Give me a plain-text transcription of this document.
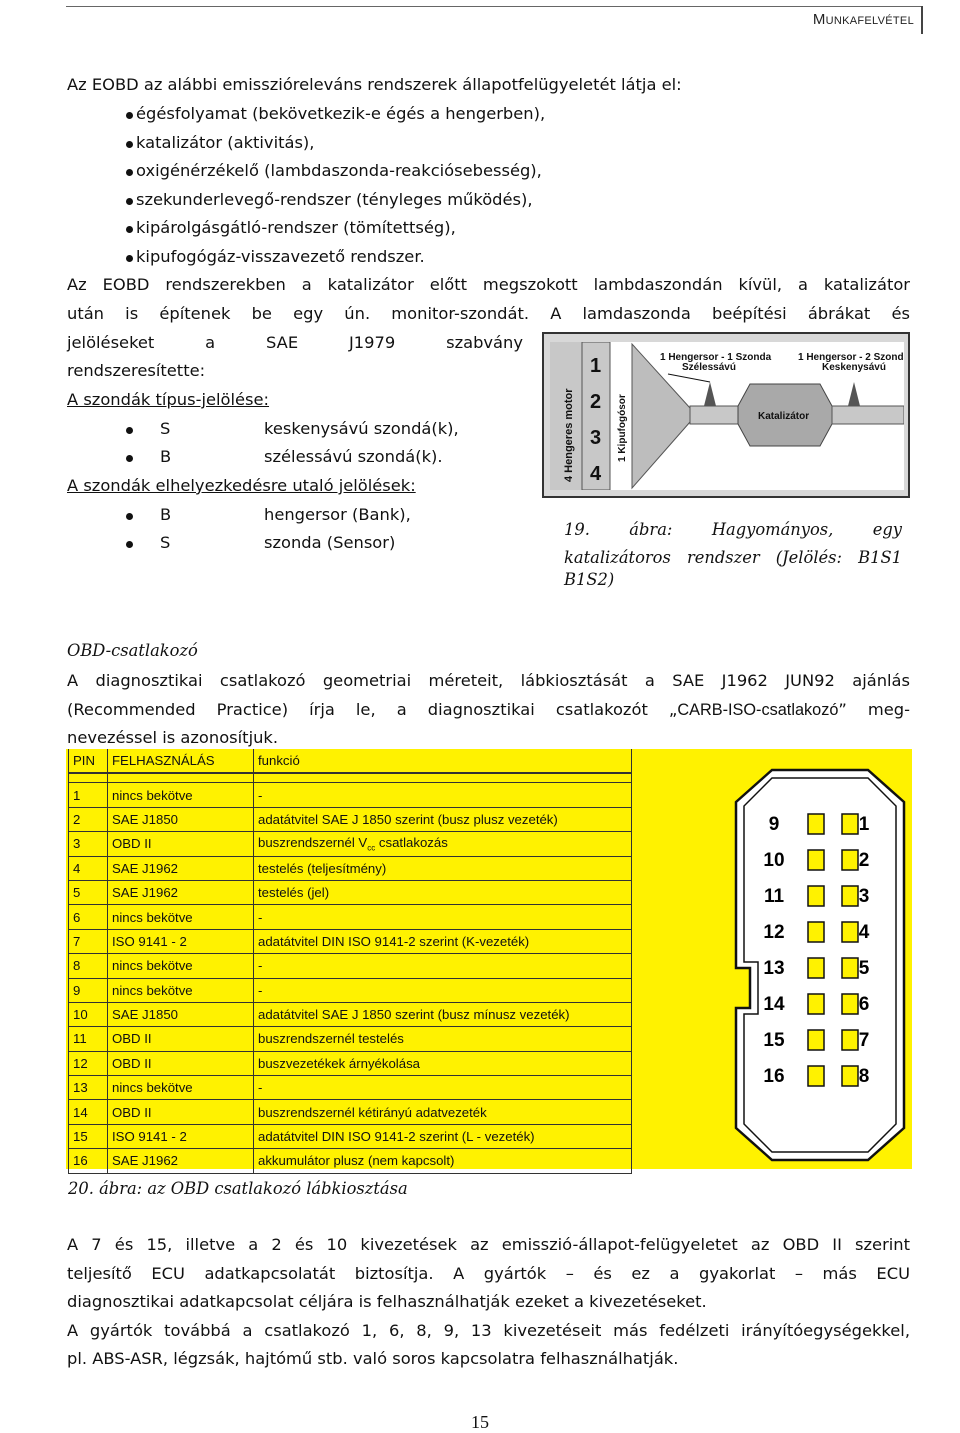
Munkafelvétel
Az EOBD az alábbi emisszióreleváns rendszerek állapotfelügyeletét látja el:
égésfolyamat (bekövetkezik-e égés a hengerben),
katalizátor (aktivitás),
oxigénérzékelő (lambdaszonda-reakciósebesség),
szekunderlevegő-rendszer (tényleges működés),
kipárolgásgátló-rendszer (tömítettség),
kipufogógáz-visszavezető rendszer.
Az EOBD rendszerekben a katalizátor előtt megszokott lambdaszondán kívül, a katalizátor
után is építenek be egy ún. monitor-szondát. A lamdaszonda beépítési ábrákat és
jelöléseket a SAE J1979 szabvány
rendszeresítette:
A szondák típus-jelölése:
S	keskenysávú szondá(k),
B	szélessávú szondá(k).
A szondák elhelyezkedésre utaló jelölések:
B	hengersor (Bank),
S	szonda (Sensor)
4 Hengeres motor	1 Kipufogósor
1
2
3
4
1 Hengersor - 1 Szonda
Szélessávú
1 Hengersor - 2 Szonda
Keskenysávú
Katalizátor
19. ábra: Hagyományos, egy
katalizátoros rendszer (Jelölés: B1S1
B1S2)
OBD-csatlakozó
A diagnosztikai csatlakozó geometriai méreteit, lábkiosztását a SAE J1962 JUN92 ajánlás
(Recommended Practice) írja le, a diagnosztikai csatlakozót „CARB-ISO-csatlakozó” meg-
nevezéssel is azonosítjuk.
PIN	FELHASZNÁLÁS	funkció

1	nincs bekötve	-
2	SAE J1850	adatátvitel SAE J 1850 szerint (busz plusz vezeték)
3	OBD II	buszrendszernél $V_{cc}$ csatlakozás
4	SAE J1962	testelés (teljesítmény)
5	SAE J1962	testelés (jel)
6	nincs bekötve	-
7	ISO 9141 - 2	adatátvitel DIN ISO 9141-2 szerint (K-vezeték)
8	nincs bekötve	-
9	nincs bekötve	-
10	SAE J1850	adatátvitel SAE J 1850 szerint (busz mínusz vezeték)
11	OBD II	buszrendszernél testelés
12	OBD II	buszvezetékek árnyékolása
13	nincs bekötve	-
14	OBD II	buszrendszernél kétirányú adatvezeték
15	ISO 9141 - 2	adatátvitel DIN ISO 9141-2 szerint (L - vezeték)
16	SAE J1962	akkumulátor plusz (nem kapcsolt)
9	1
10	2
11	3
12	4
13	5
14	6
15	7
16	8
20. ábra: az OBD csatlakozó lábkiosztása
A 7 és 15, illetve a 2 és 10 kivezetések az emisszió-állapot-felügyeletet az OBD II szerint
teljesítő ECU adatkapcsolatát biztosítja. A gyártók – és ez a gyakorlat – más ECU
diagnosztikai adatkapcsolat céljára is felhasználhatják ezeket a kivezetéseket.
A gyártók továbbá a csatlakozó 1, 6, 8, 9, 13 kivezetéseit más fedélzeti irányítóegységekkel,
pl. ABS-ASR, légzsák, hajtómű stb. való soros kapcsolatra felhasználhatják.
15
